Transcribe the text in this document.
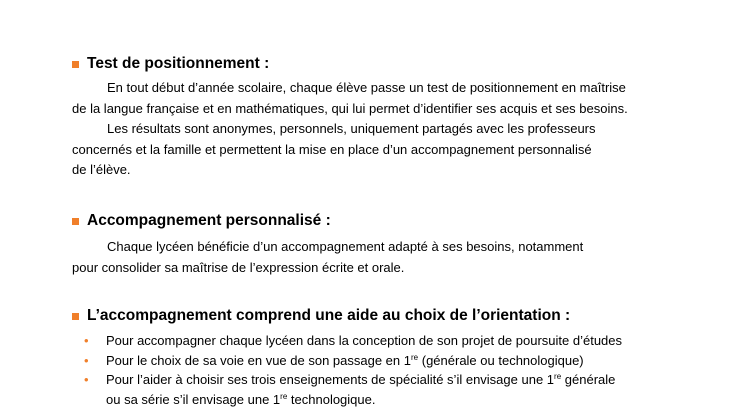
Test de positionnement :
En tout début d’année scolaire, chaque élève passe un test de positionnement en maîtrise
de la langue française et en mathématiques, qui lui permet d’identifier ses acquis et ses besoins.
Les résultats sont anonymes, personnels, uniquement partagés avec les professeurs
concernés et la famille et permettent la mise en place d’un accompagnement personnalisé
de l’élève.
Accompagnement personnalisé :
Chaque lycéen bénéficie d’un accompagnement adapté à ses besoins, notamment
pour consolider sa maîtrise de l’expression écrite et orale.
L’accompagnement comprend une aide au choix de l’orientation :
• Pour accompagner chaque lycéen dans la conception de son projet de poursuite d’études
• Pour le choix de sa voie en vue de son passage en 1re (générale ou technologique)
• Pour l’aider à choisir ses trois enseignements de spécialité s’il envisage une 1re générale
ou sa série s’il envisage une 1re technologique.
